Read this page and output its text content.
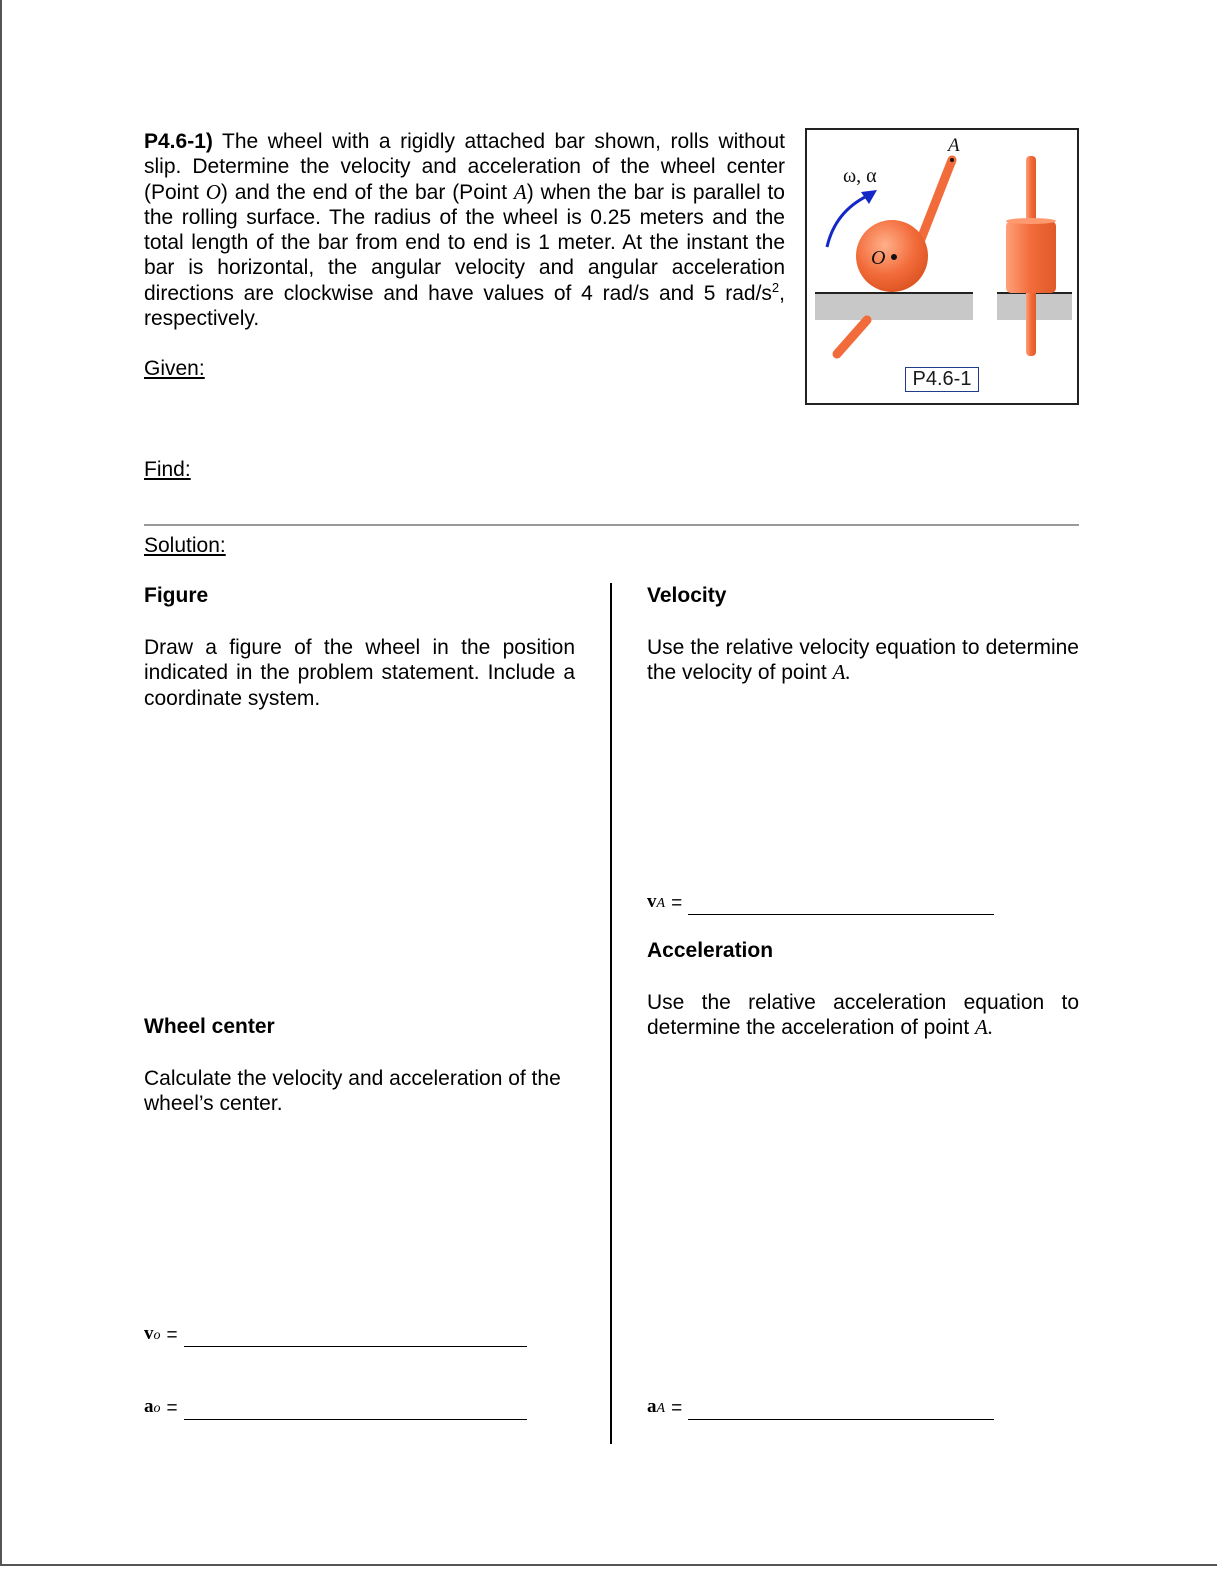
P4.6-1) The wheel with a rigidly attached bar shown, rolls without slip. Determine the velocity and acceleration of the wheel center (Point O) and the end of the bar (Point A) when the bar is parallel to the rolling surface. The radius of the wheel is 0.25 meters and the total length of the bar from end to end is 1 meter. At the instant the bar is horizontal, the angular velocity and angular acceleration directions are clockwise and have values of 4 rad/s and 5 rad/$s^2$, respectively.

O
A
ω, α
P4.6-1

Given:

Find:

Solution:

Figure

Draw a figure of the wheel in the position indicated in the problem statement. Include a coordinate system.

Wheel center

Calculate the velocity and acceleration of the wheel’s center.

vo =
ao =
Velocity

Use the relative velocity equation to determine the velocity of point A.

vA =
Acceleration

Use the relative acceleration equation to determine the acceleration of point A.

aA =
